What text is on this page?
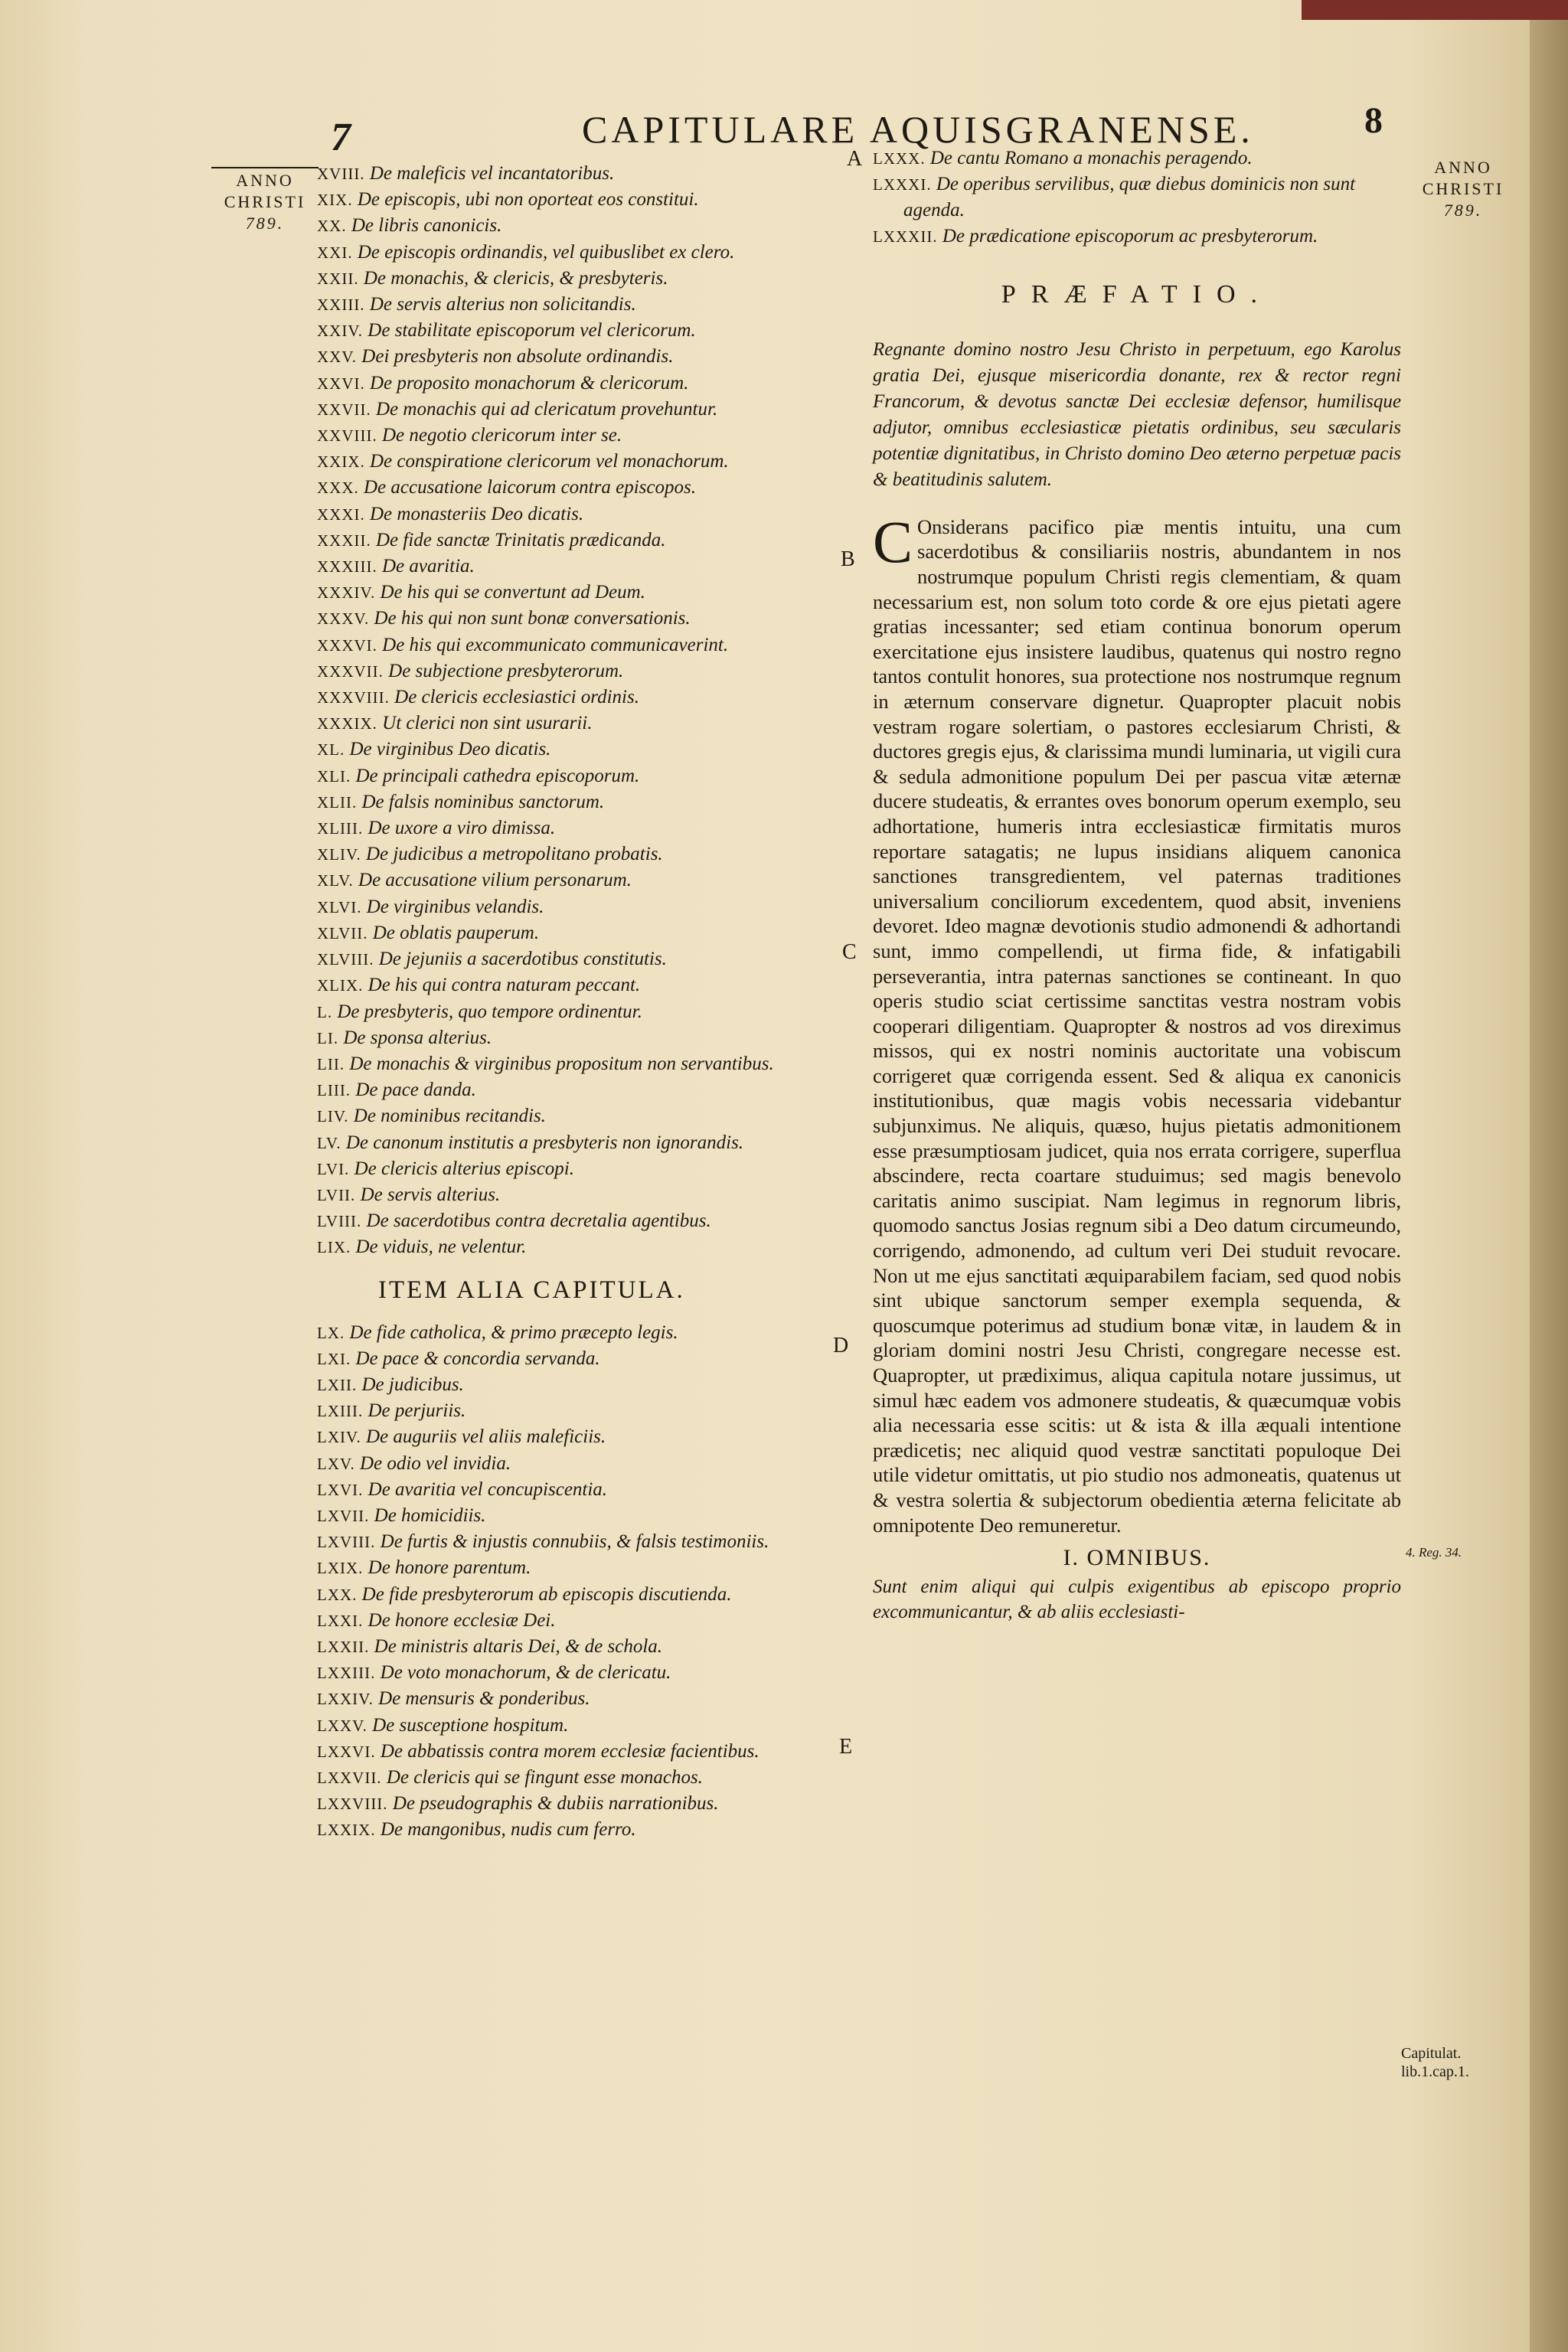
7	CAPITULARE AQUISGRANENSE.	8
ANNO
CHRISTI
789.
ANNO
CHRISTI
789.
XVIII. De maleficis vel incantatoribus.
XIX. De episcopis, ubi non oporteat eos constitui.
XX. De libris canonicis.
XXI. De episcopis ordinandis, vel quibuslibet ex clero.
XXII. De monachis, & clericis, & presbyteris.
XXIII. De servis alterius non solicitandis.
XXIV. De stabilitate episcoporum vel clericorum.
XXV. Dei presbyteris non absolute ordinandis.
XXVI. De proposito monachorum & clericorum.
XXVII. De monachis qui ad clericatum provehuntur.
XXVIII. De negotio clericorum inter se.
XXIX. De conspiratione clericorum vel monachorum.
XXX. De accusatione laicorum contra episcopos.
XXXI. De monasteriis Deo dicatis.
XXXII. De fide sanctæ Trinitatis prædicanda.
XXXIII. De avaritia.
XXXIV. De his qui se convertunt ad Deum.
XXXV. De his qui non sunt bonæ conversationis.
XXXVI. De his qui excommunicato communicaverint.
XXXVII. De subjectione presbyterorum.
XXXVIII. De clericis ecclesiastici ordinis.
XXXIX. Ut clerici non sint usurarii.
XL. De virginibus Deo dicatis.
XLI. De principali cathedra episcoporum.
XLII. De falsis nominibus sanctorum.
XLIII. De uxore a viro dimissa.
XLIV. De judicibus a metropolitano probatis.
XLV. De accusatione vilium personarum.
XLVI. De virginibus velandis.
XLVII. De oblatis pauperum.
XLVIII. De jejuniis a sacerdotibus constitutis.
XLIX. De his qui contra naturam peccant.
L. De presbyteris, quo tempore ordinentur.
LI. De sponsa alterius.
LII. De monachis & virginibus propositum non servantibus.
LIII. De pace danda.
LIV. De nominibus recitandis.
LV. De canonum institutis a presbyteris non ignorandis.
LVI. De clericis alterius episcopi.
LVII. De servis alterius.
LVIII. De sacerdotibus contra decretalia agentibus.
LIX. De viduis, ne velentur.
ITEM ALIA CAPITULA.
LX. De fide catholica, & primo præcepto legis.
LXI. De pace & concordia servanda.
LXII. De judicibus.
LXIII. De perjuriis.
LXIV. De auguriis vel aliis maleficiis.
LXV. De odio vel invidia.
LXVI. De avaritia vel concupiscentia.
LXVII. De homicidiis.
LXVIII. De furtis & injustis connubiis, & falsis testimoniis.
LXIX. De honore parentum.
LXX. De fide presbyterorum ab episcopis discutienda.
LXXI. De honore ecclesiæ Dei.
LXXII. De ministris altaris Dei, & de schola.
LXXIII. De voto monachorum, & de clericatu.
LXXIV. De mensuris & ponderibus.
LXXV. De susceptione hospitum.
LXXVI. De abbatissis contra morem ecclesiæ facientibus.
LXXVII. De clericis qui se fingunt esse monachos.
LXXVIII. De pseudographis & dubiis narrationibus.
LXXIX. De mangonibus, nudis cum ferro.
LXXX. De cantu Romano a monachis peragendo.
LXXXI. De operibus servilibus, quæ diebus dominicis non sunt agenda.
LXXXII. De prædicatione episcoporum ac presbyterorum.
PRÆFATIO.

Regnante domino nostro Jesu Christo in perpetuum, ego Karolus gratia Dei, ejusque misericordia donante, rex & rector regni Francorum, & devotus sanctæ Dei ecclesiæ defensor, humilisque adjutor, omnibus ecclesiasticæ pietatis ordinibus, seu sæcularis potentiæ dignitatibus, in Christo domino Deo æterno perpetuæ pacis & beatitudinis salutem.

C Onsiderans pacifico piæ mentis intuitu, una cum sacerdotibus & consiliariis nostris, abundantem in nos nostrumque populum Christi regis clementiam, & quam necessarium est, non solum toto corde & ore ejus pietati agere gratias incessanter; sed etiam continua bonorum operum exercitatione ejus insistere laudibus, quatenus qui nostro regno tantos contulit honores, sua protectione nos nostrumque regnum in æternum conservare dignetur. Quapropter placuit nobis vestram rogare solertiam, o pastores ecclesiarum Christi, & ductores gregis ejus, & clarissima mundi luminaria, ut vigili cura & sedula admonitione populum Dei per pascua vitæ æternæ ducere studeatis, & errantes oves bonorum operum exemplo, seu adhortatione, humeris intra ecclesiasticæ firmitatis muros reportare satagatis; ne lupus insidians aliquem canonica sanctiones transgredientem, vel paternas traditiones universalium conciliorum excedentem, quod absit, inveniens devoret. Ideo magnæ devotionis studio admonendi & adhortandi sunt, immo compellendi, ut firma fide, & infatigabili perseverantia, intra paternas sanctiones se contineant. In quo operis studio sciat certissime sanctitas vestra nostram vobis cooperari diligentiam. Quapropter & nostros ad vos direximus missos, qui ex nostri nominis auctoritate una vobiscum corrigeret quæ corrigenda essent. Sed & aliqua ex canonicis institutionibus, quæ magis vobis necessaria videbantur subjunximus. Ne aliquis, quæso, hujus pietatis admonitionem esse præsumptiosam judicet, quia nos errata corrigere, superflua abscindere, recta coartare studuimus; sed magis benevolo caritatis animo suscipiat. Nam legimus in regnorum libris, quomodo sanctus Josias regnum sibi a Deo datum circumeundo, corrigendo, admonendo, ad cultum veri Dei studuit revocare. Non ut me ejus sanctitati æquiparabilem faciam, sed quod nobis sint ubique sanctorum semper exempla sequenda, & quoscumque poterimus ad studium bonæ vitæ, in laudem & in gloriam domini nostri Jesu Christi, congregare necesse est. Quapropter, ut prædiximus, aliqua capitula notare jussimus, ut simul hæc eadem vos admonere studeatis, & quæcumquæ vobis alia necessaria esse scitis: ut & ista & illa æquali intentione prædicetis; nec aliquid quod vestræ sanctitati populoque Dei utile videtur omittatis, ut pio studio nos admoneatis, quatenus ut & vestra solertia & subjectorum obedientia æterna felicitate ab omnipotente Deo remuneretur.

I. OMNIBUS.

Sunt enim aliqui qui culpis exigentibus ab episcopo proprio excommunicantur, & ab aliis ecclesiasti-

A
B
C
D
E
4. Reg. 34.
Capitulat.
lib.1.cap.1.
